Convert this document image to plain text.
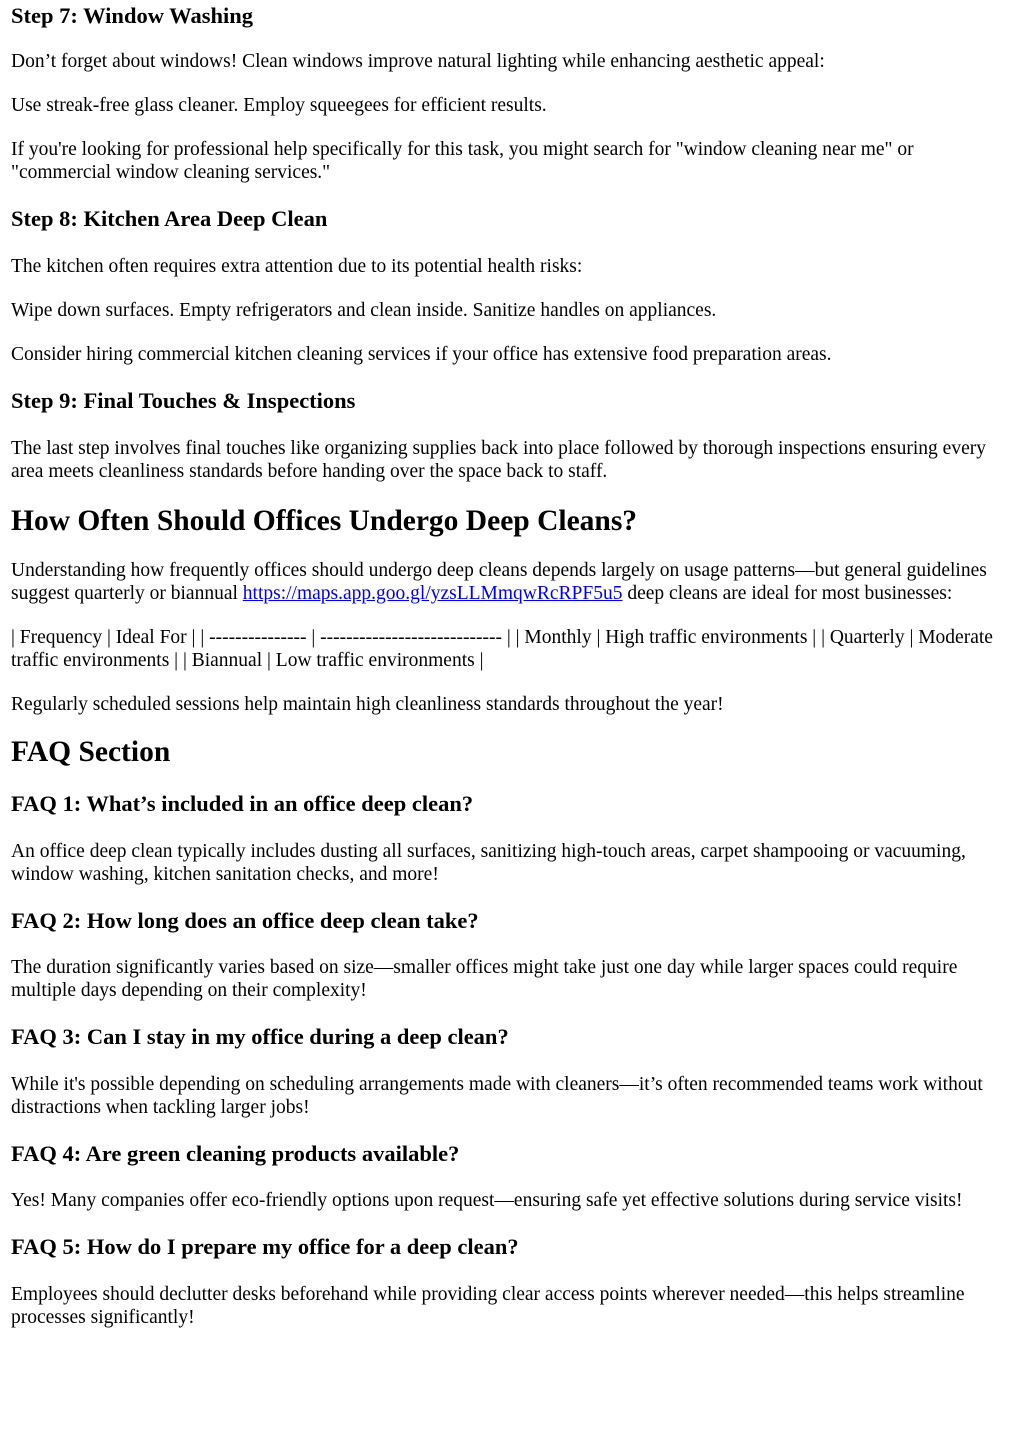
Step 7: Window Washing

Don’t forget about windows! Clean windows improve natural lighting while enhancing aesthetic appeal:

Use streak-free glass cleaner. Employ squeegees for efficient results.

If you're looking for professional help specifically for this task, you might search for "window cleaning near me" or "commercial window cleaning services."

Step 8: Kitchen Area Deep Clean

The kitchen often requires extra attention due to its potential health risks:

Wipe down surfaces. Empty refrigerators and clean inside. Sanitize handles on appliances.

Consider hiring commercial kitchen cleaning services if your office has extensive food preparation areas.

Step 9: Final Touches & Inspections

The last step involves final touches like organizing supplies back into place followed by thorough inspections ensuring every area meets cleanliness standards before handing over the space back to staff.

How Often Should Offices Undergo Deep Cleans?

Understanding how frequently offices should undergo deep cleans depends largely on usage patterns—but general guidelines suggest quarterly or biannual https://maps.app.goo.gl/yzsLLMmqwRcRPF5u5 deep cleans are ideal for most businesses:

| Frequency | Ideal For | | --------------- | ---------------------------- | | Monthly | High traffic environments | | Quarterly | Moderate traffic environments | | Biannual | Low traffic environments |

Regularly scheduled sessions help maintain high cleanliness standards throughout the year!

FAQ Section
FAQ 1: What’s included in an office deep clean?

An office deep clean typically includes dusting all surfaces, sanitizing high-touch areas, carpet shampooing or vacuuming, window washing, kitchen sanitation checks, and more!

FAQ 2: How long does an office deep clean take?

The duration significantly varies based on size—smaller offices might take just one day while larger spaces could require multiple days depending on their complexity!

FAQ 3: Can I stay in my office during a deep clean?

While it's possible depending on scheduling arrangements made with cleaners—it’s often recommended teams work without distractions when tackling larger jobs!

FAQ 4: Are green cleaning products available?

Yes! Many companies offer eco-friendly options upon request—ensuring safe yet effective solutions during service visits!

FAQ 5: How do I prepare my office for a deep clean?

Employees should declutter desks beforehand while providing clear access points wherever needed—this helps streamline processes significantly!
